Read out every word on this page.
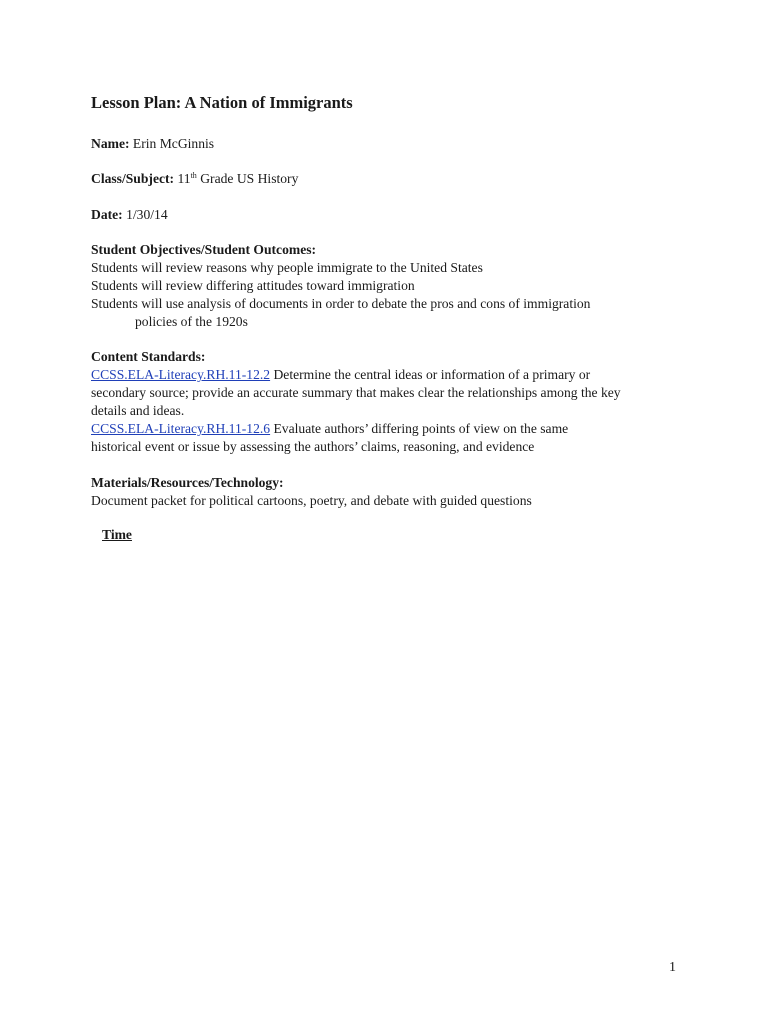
Lesson Plan: A Nation of Immigrants
Name: Erin McGinnis
Class/Subject: 11th Grade US History
Date: 1/30/14
Student Objectives/Student Outcomes:
Students will review reasons why people immigrate to the United States
Students will review differing attitudes toward immigration
Students will use analysis of documents in order to debate the pros and cons of immigration
policies of the 1920s
Content Standards:
CCSS.ELA-Literacy.RH.11-12.2 Determine the central ideas or information of a primary or
secondary source; provide an accurate summary that makes clear the relationships among the key
details and ideas.
CCSS.ELA-Literacy.RH.11-12.6 Evaluate authors’ differing points of view on the same
historical event or issue by assessing the authors’ claims, reasoning, and evidence
Materials/Resources/Technology:
Document packet for political cartoons, poetry, and debate with guided questions
Time
1
